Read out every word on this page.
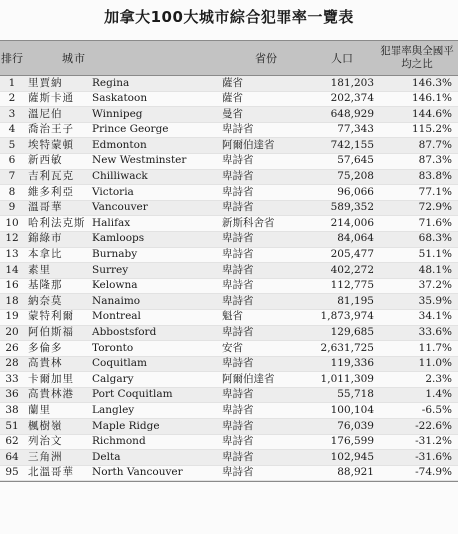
加拿大100大城市綜合犯罪率一覽表
排行	城市	省份	人口
犯罪率與全國平均之比
1	里賈納	Regina	薩省	181,203	146.3%
2	薩斯卡通	Saskatoon	薩省	202,374	146.1%
3	溫尼伯	Winnipeg	曼省	648,929	144.6%
4	喬治王子	Prince George	卑詩省	77,343	115.2%
5	埃特蒙頓	Edmonton	阿爾伯達省	742,155	87.7%
6	新西敏	New Westminster	卑詩省	57,645	87.3%
7	吉利瓦克	Chilliwack	卑詩省	75,208	83.8%
8	維多利亞	Victoria	卑詩省	96,066	77.1%
9	溫哥華	Vancouver	卑詩省	589,352	72.9%
10 哈利法克斯 Halifax	新斯科舍省	214,006	71.6%
12 錦綠市	Kamloops	卑詩省	84,064	68.3%
13 本拿比	Burnaby	卑詩省	205,477	51.1%
14 素里	Surrey	卑詩省	402,272	48.1%
16 基隆那	Kelowna	卑詩省	112,775	37.2%
18 納奈莫	Nanaimo	卑詩省	81,195	35.9%
19 蒙特利爾	Montreal	魁省	1,873,974	34.1%
20 阿伯斯福	Abbostsford	卑詩省	129,685	33.6%
26 多倫多	Toronto	安省	2,631,725	11.7%
28 高貴林	Coquitlam	卑詩省	119,336	11.0%
33 卡爾加里	Calgary	阿爾伯達省	1,011,309	2.3%
36 高貴林港	Port Coquitlam	卑詩省	55,718	1.4%
38 蘭里	Langley	卑詩省	100,104	-6.5%
51 楓樹嶺	Maple Ridge	卑詩省	76,039	-22.6%
62 列治文	Richmond	卑詩省	176,599	-31.2%
64 三角洲	Delta	卑詩省	102,945	-31.6%
95 北溫哥華	North Vancouver	卑詩省	88,921	-74.9%
